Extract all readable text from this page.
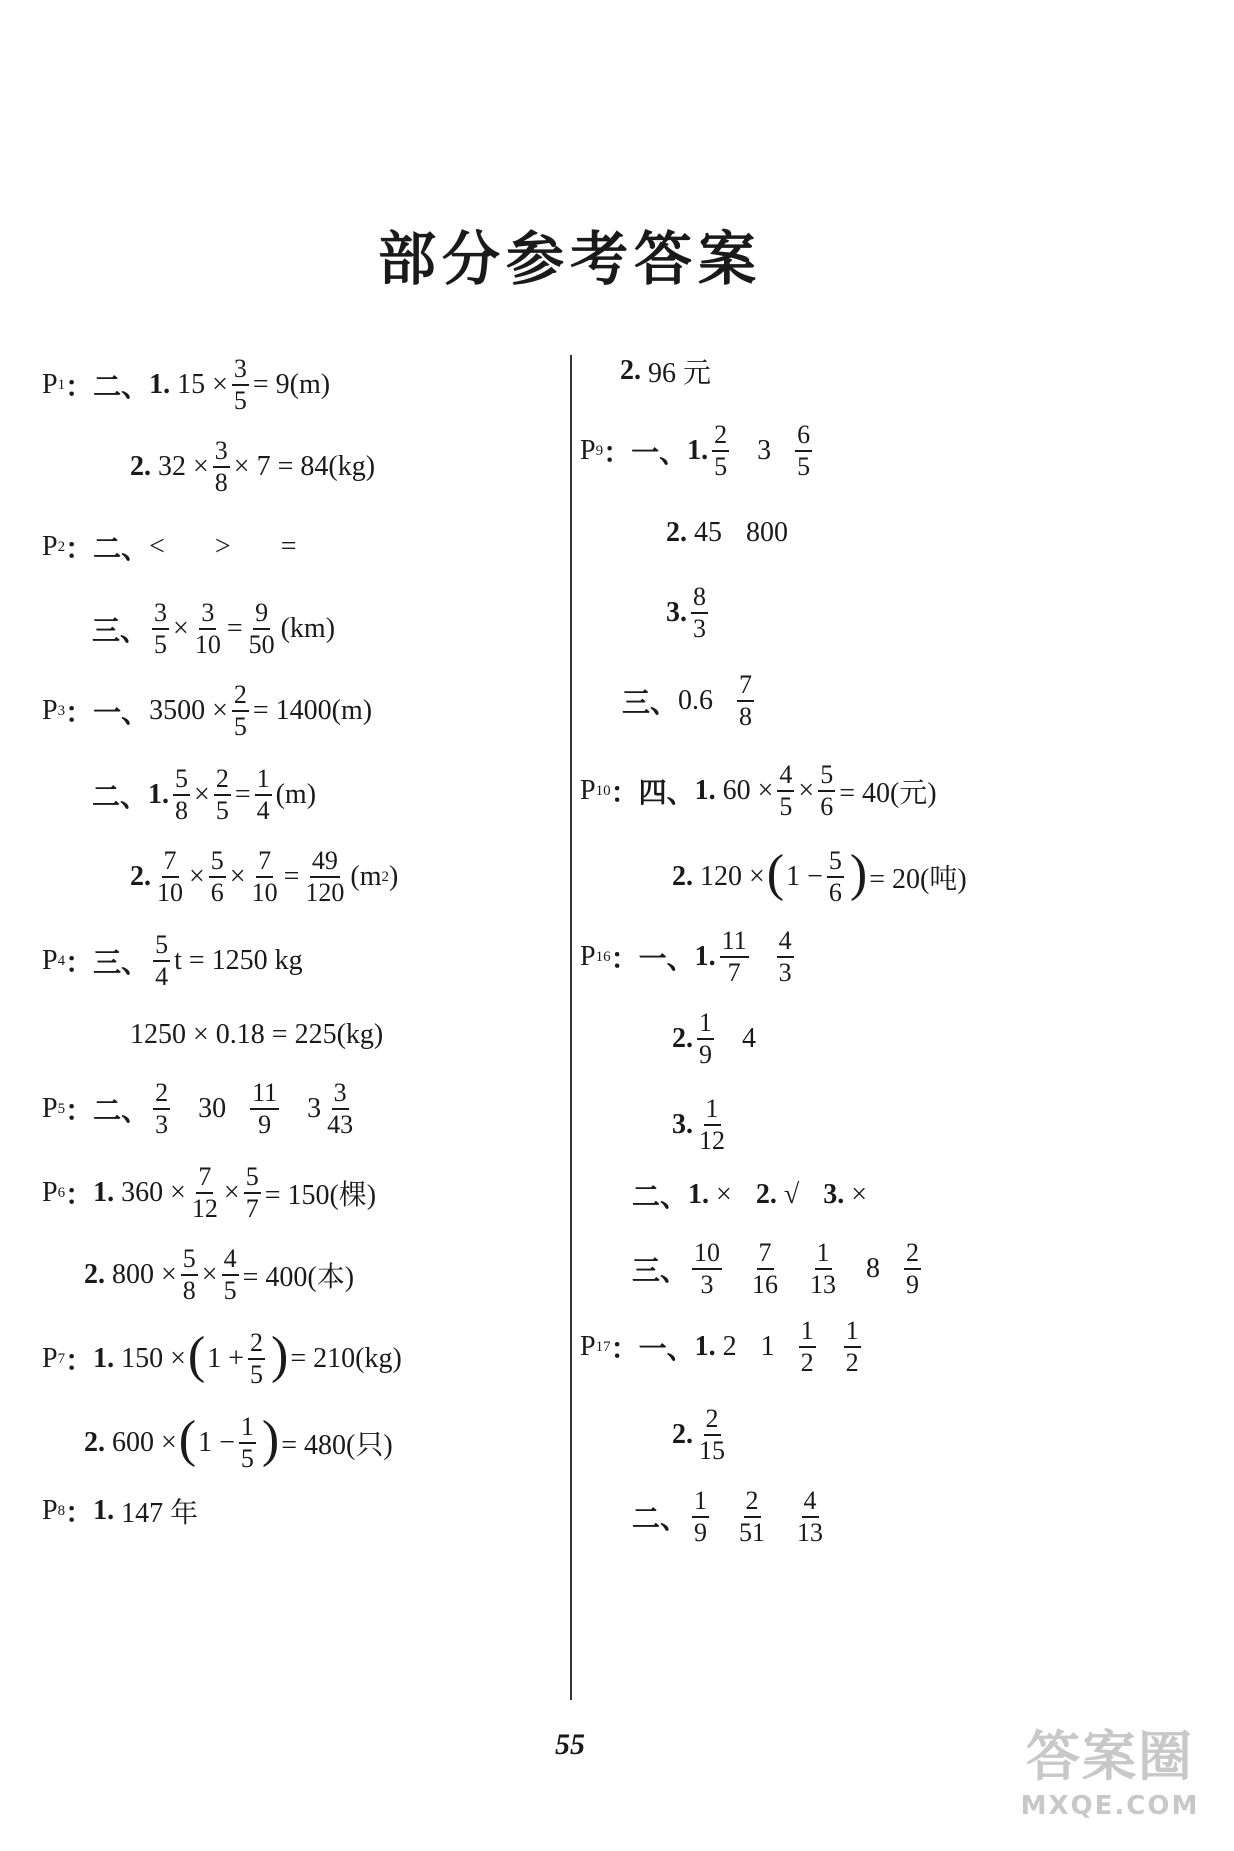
部分参考答案
P 1 ：二、 1.
$15 \times \frac{3}{5} = 9(m)$
2.
$32 \times \frac{3}{8} \times 7 = 84(kg)$
P 2 ：二、 < > =
三、 $\frac{3}{5} \times \frac{3}{10} = \frac{9}{50} (km)$
P 3 ：一、 $3500 \times \frac{2}{5} = 1400(m)$
二、 1. $\frac{5}{8} \times \frac{2}{5} = \frac{1}{4} (m)$
2. $\frac{7}{10} \times \frac{5}{6} \times \frac{7}{10} = \frac{49}{120} (m$ 2 )
P 4 ：三、 $\frac{5}{4}$ t = 1250 kg
1250 × 0.18 = 225(kg)
P 5 ：二、 $\frac{2}{3} 30 \frac{11}{9} 3 \frac{3}{43}$
P 6 ： 1.
$360 \times \frac{7}{12} \times \frac{5}{7} = 150$(棵)
2.
$800 \times \frac{5}{8} \times \frac{4}{5} = 400$(本)
P 7 ： 1.
150 × ( $1 + \frac{2}{5}$ ) = 210(kg)
2.
600 × ( $1 - \frac{1}{5}$ ) = 480(只)
P 8 ： 1.
147 年
2.
96 元
P 9 ：一、 1. $\frac{2}{5} 3 \frac{6}{5}$
2.
45 800
3. $\frac{8}{3}$
三、 $0.6 \frac{7}{8}$
P 10 ：四、 1.
$60 \times \frac{4}{5} \times \frac{5}{6} = 40$(元)
2.
120 × ( $1 - \frac{5}{6}$ ) = 20(吨)
P 16 ：一、 1. $\frac{11}{7} \frac{4}{3}$
2. $\frac{1}{9} 4$
3. $\frac{1}{12}$
二、 1.
× 2.
√ 3.
×
三、 $\frac{10}{3} \frac{7}{16} \frac{1}{13} 8 \frac{2}{9}$
P 17 ：一、 1.
2 $1 \frac{1}{2} \frac{1}{2}$
2. $\frac{2}{15}$
二、 $\frac{1}{9} \frac{2}{51} \frac{4}{13}$
55	答案圈
MXQE.COM
